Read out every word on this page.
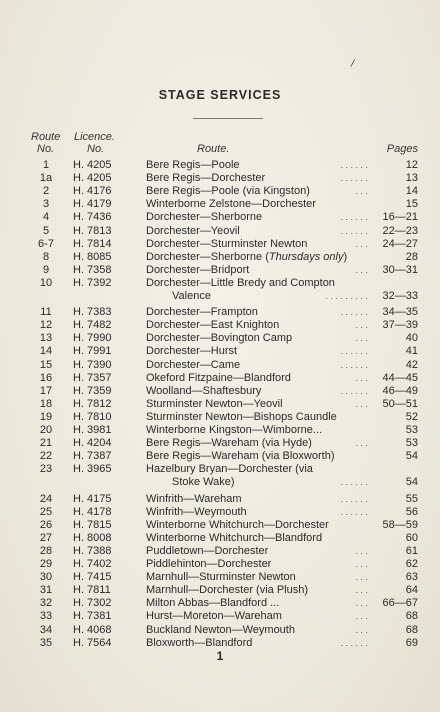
/
STAGE SERVICES
Route
No.
Licence.
No.	Route.	Pages
1	H. 4205	Bere Regis—Poole	. . . . . .	12
1a	H. 4205	Bere Regis—Dorchester	. . . . . .	13
2	H. 4176	Bere Regis—Poole (via Kingston)	. . .	14
3	H. 4179	Winterborne Zelstone—Dorchester	15
4	H. 7436	Dorchester—Sherborne	. . . . . . 16—21
5	H. 7813	Dorchester—Yeovil	. . . . . . 22—23
6-7	H. 7814	Dorchester—Sturminster Newton	. . . 24—27
8	H. 8085	Dorchester—Sherborne (Thursdays only)	28
9	H. 7358	Dorchester—Bridport	. . . 30—31
10	H. 7392	Dorchester—Little Bredy and Compton
Valence	. . . . . . . . . 32—33
11	H. 7383	Dorchester—Frampton	. . . . . . 34—35
12	H. 7482	Dorchester—East Knighton	. . . 37—39
13	H. 7990	Dorchester—Bovington Camp	. . .	40
14	H. 7991	Dorchester—Hurst	. . . . . .	41
15	H. 7390	Dorchester—Came	. . . . . .	42
16	H. 7357	Okeford Fitzpaine—Blandford	. . . 44—45
17	H. 7359	Woolland—Shaftesbury	. . . . . . 46—49
18	H. 7812	Sturminster Newton—Yeovil	. . . 50—51
19	H. 7810	Sturminster Newton—Bishops Caundle	52
20	H. 3981	Winterborne Kingston—Wimborne...	53
21	H. 4204	Bere Regis—Wareham (via Hyde)	. . .	53
22	H. 7387	Bere Regis—Wareham (via Bloxworth)	54
23	H. 3965	Hazelbury Bryan—Dorchester (via
Stoke Wake)	. . . . . .	54
24	H. 4175	Winfrith—Wareham	. . . . . .	55
25	H. 4178	Winfrith—Weymouth	. . . . . .	56
26	H. 7815	Winterborne Whitchurch—Dorchester	58—59
27	H. 8008	Winterborne Whitchurch—Blandford	60
28	H. 7388	Puddletown—Dorchester	. . .	61
29	H. 7402	Piddlehinton—Dorchester	. . .	62
30	H. 7415	Marnhull—Sturminster Newton	. . .	63
31	H. 7811	Marnhull—Dorchester (via Plush)	. . .	64
32	H. 7302	Milton Abbas—Blandford ...	. . . 66—67
33	H. 7381	Hurst—Moreton—Wareham	. . .	68
34	H. 4068	Buckland Newton—Weymouth	. . .	68
35	H. 7564	Bloxworth—Blandford	. . . . . .	69
1
